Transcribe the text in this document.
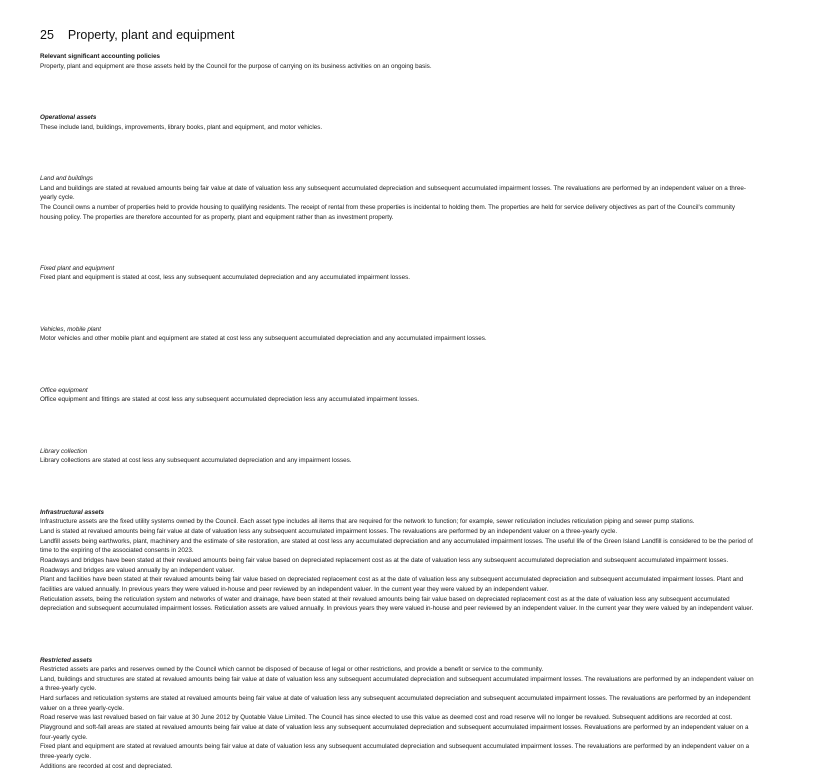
25 Property, plant and equipment

Relevant significant accounting policies

Property, plant and equipment are those assets held by the Council for the purpose of carrying on its business activities on an ongoing basis.

Operational assets

These include land, buildings, improvements, library books, plant and equipment, and motor vehicles.

Land and buildings

Land and buildings are stated at revalued amounts being fair value at date of valuation less any subsequent accumulated depreciation and subsequent accumulated impairment losses. The revaluations are performed by an independent valuer on a three-yearly cycle.

The Council owns a number of properties held to provide housing to qualifying residents. The receipt of rental from these properties is incidental to holding them. The properties are held for service delivery objectives as part of the Council's community housing policy. The properties are therefore accounted for as property, plant and equipment rather than as investment property.

Fixed plant and equipment

Fixed plant and equipment is stated at cost, less any subsequent accumulated depreciation and any accumulated impairment losses.

Vehicles, mobile plant

Motor vehicles and other mobile plant and equipment are stated at cost less any subsequent accumulated depreciation and any accumulated impairment losses.

Office equipment

Office equipment and fittings are stated at cost less any subsequent accumulated depreciation less any accumulated impairment losses.

Library collection

Library collections are stated at cost less any subsequent accumulated depreciation and any impairment losses.

Infrastructural assets

Infrastructure assets are the fixed utility systems owned by the Council. Each asset type includes all items that are required for the network to function; for example, sewer reticulation includes reticulation piping and sewer pump stations.

Land is stated at revalued amounts being fair value at date of valuation less any subsequent accumulated impairment losses. The revaluations are performed by an independent valuer on a three-yearly cycle.

Landfill assets being earthworks, plant, machinery and the estimate of site restoration, are stated at cost less any accumulated depreciation and any accumulated impairment losses. The useful life of the Green Island Landfill is considered to be the period of time to the expiring of the associated consents in 2023.

Roadways and bridges have been stated at their revalued amounts being fair value based on depreciated replacement cost as at the date of valuation less any subsequent accumulated depreciation and subsequent accumulated impairment losses. Roadways and bridges are valued annually by an independent valuer.

Plant and facilities have been stated at their revalued amounts being fair value based on depreciated replacement cost as at the date of valuation less any subsequent accumulated depreciation and subsequent accumulated impairment losses. Plant and facilities are valued annually. In previous years they were valued in-house and peer reviewed by an independent valuer. In the current year they were valued by an independent valuer.

Reticulation assets, being the reticulation system and networks of water and drainage, have been stated at their revalued amounts being fair value based on depreciated replacement cost as at the date of valuation less any subsequent accumulated depreciation and subsequent accumulated impairment losses. Reticulation assets are valued annually. In previous years they were valued in-house and peer reviewed by an independent valuer. In the current year they were valued by an independent valuer.

Restricted assets

Restricted assets are parks and reserves owned by the Council which cannot be disposed of because of legal or other restrictions, and provide a benefit or service to the community.

Land, buildings and structures are stated at revalued amounts being fair value at date of valuation less any subsequent accumulated depreciation and subsequent accumulated impairment losses. The revaluations are performed by an independent valuer on a three-yearly cycle.

Hard surfaces and reticulation systems are stated at revalued amounts being fair value at date of valuation less any subsequent accumulated depreciation and subsequent accumulated impairment losses. The revaluations are performed by an independent valuer on a three yearly-cycle.

Road reserve was last revalued based on fair value at 30 June 2012 by Quotable Value Limited. The Council has since elected to use this value as deemed cost and road reserve will no longer be revalued. Subsequent additions are recorded at cost.

Playground and soft-fall areas are stated at revalued amounts being fair value at date of valuation less any subsequent accumulated depreciation and subsequent accumulated impairment losses. Revaluations are performed by an independent valuer on a four-yearly cycle.

Fixed plant and equipment are stated at revalued amounts being fair value at date of valuation less any subsequent accumulated depreciation and subsequent accumulated impairment losses. The revaluations are performed by an independent valuer on a three-yearly cycle.

Additions are recorded at cost and depreciated.
